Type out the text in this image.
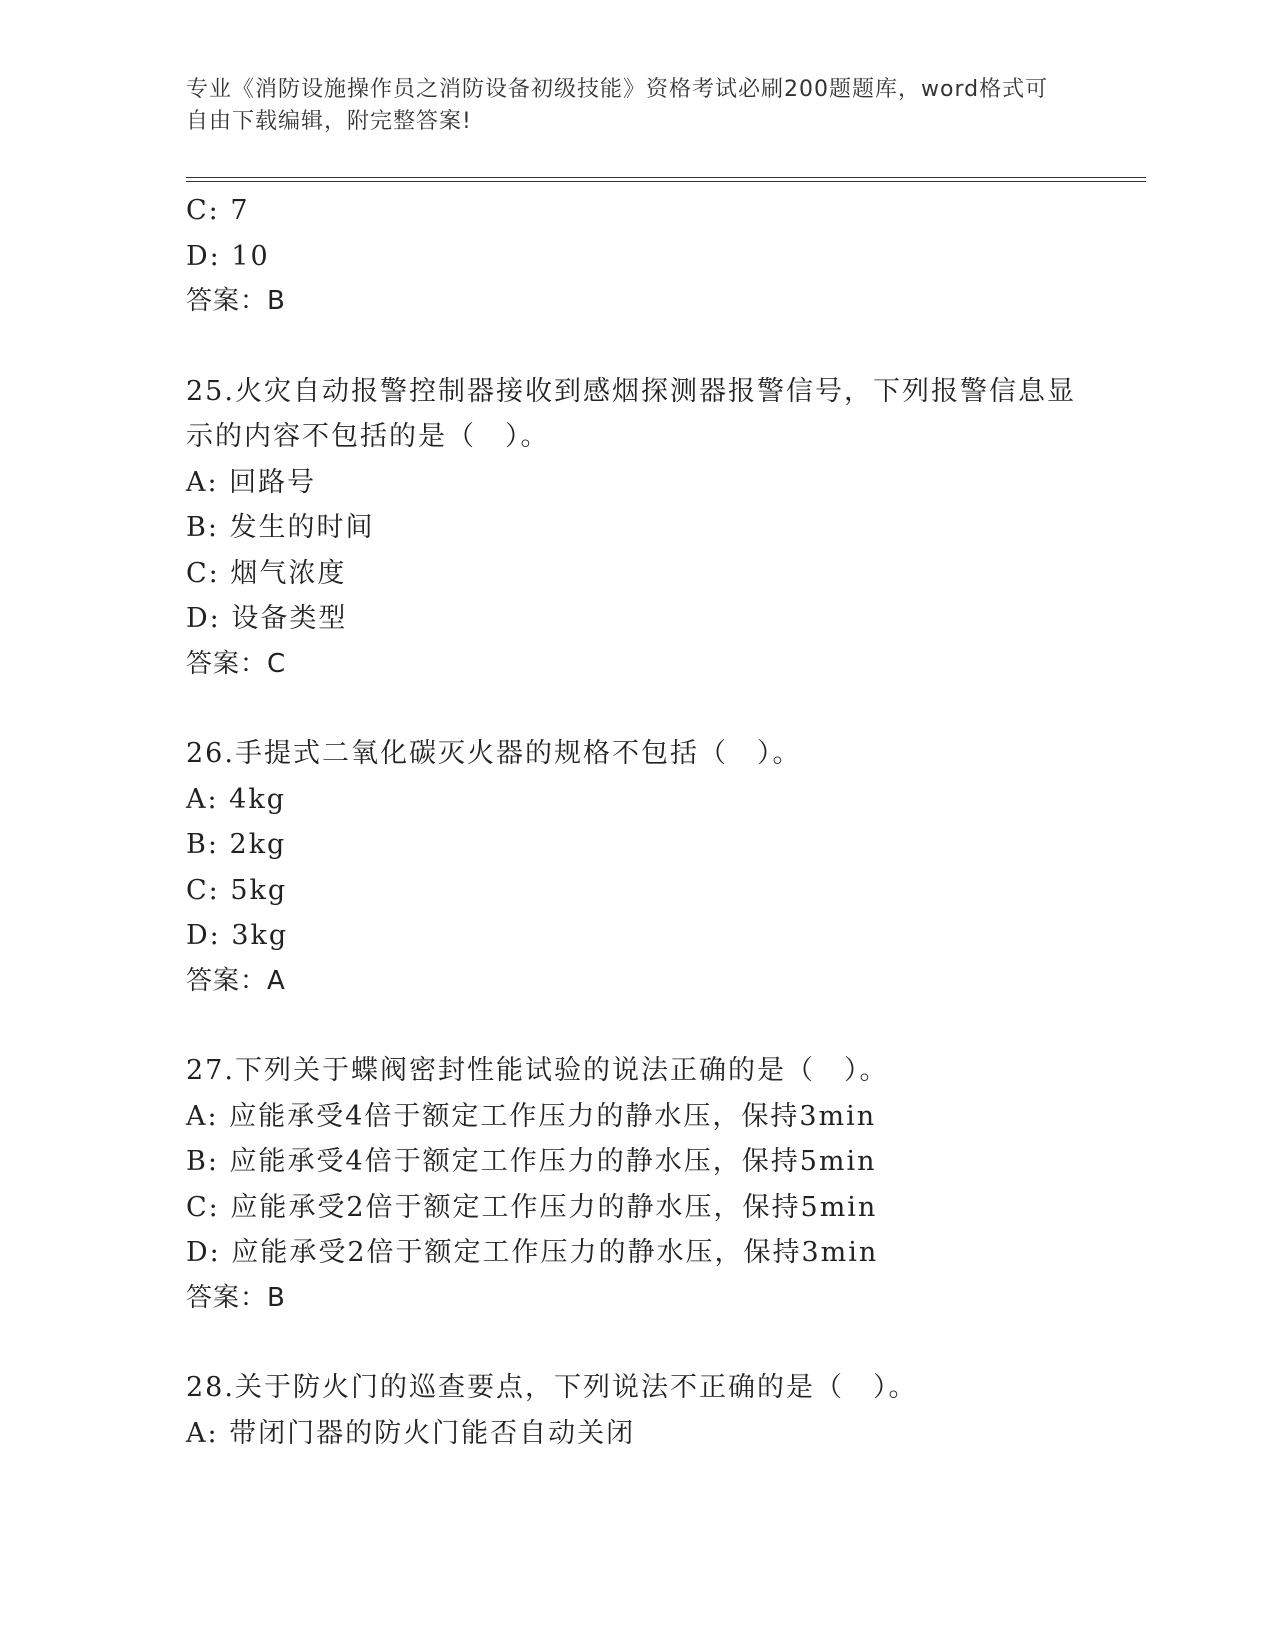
专业《消防设施操作员之消防设备初级技能》资格考试必刷200题题库，word格式可自由下载编辑，附完整答案!
C: 7
D: 10
答案：B
25.火灾自动报警控制器接收到感烟探测器报警信号，下列报警信息显
示的内容不包括的是（　）。
A: 回路号
B: 发生的时间
C: 烟气浓度
D: 设备类型
答案：C
26.手提式二氧化碳灭火器的规格不包括（　）。
A: 4kg
B: 2kg
C: 5kg
D: 3kg
答案：A
27.下列关于蝶阀密封性能试验的说法正确的是（　）。
A: 应能承受4倍于额定工作压力的静水压，保持3min
B: 应能承受4倍于额定工作压力的静水压，保持5min
C: 应能承受2倍于额定工作压力的静水压，保持5min
D: 应能承受2倍于额定工作压力的静水压，保持3min
答案：B
28.关于防火门的巡查要点，下列说法不正确的是（　）。
A: 带闭门器的防火门能否自动关闭
